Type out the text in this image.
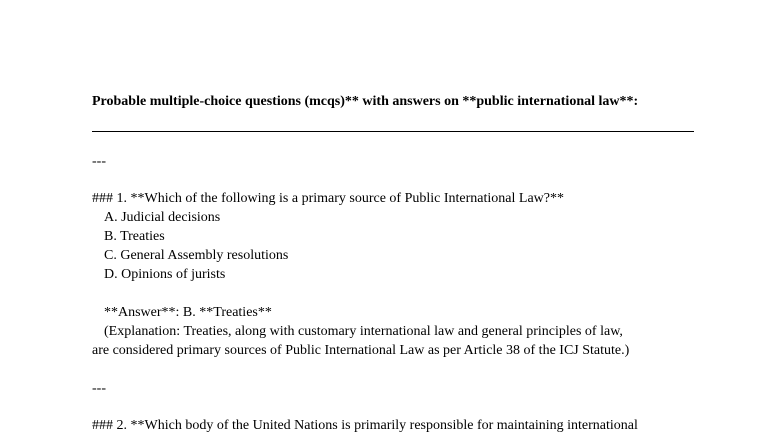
Probable multiple-choice questions (mcqs)** with answers on **public international law**:

---

### 1. **Which of the following is a primary source of Public International Law?**

A. Judicial decisions

B. Treaties

C. General Assembly resolutions

D. Opinions of jurists

**Answer**: B. **Treaties**

(Explanation: Treaties, along with customary international law and general principles of law,

are considered primary sources of Public International Law as per Article 38 of the ICJ Statute.)

---

### 2. **Which body of the United Nations is primarily responsible for maintaining international
